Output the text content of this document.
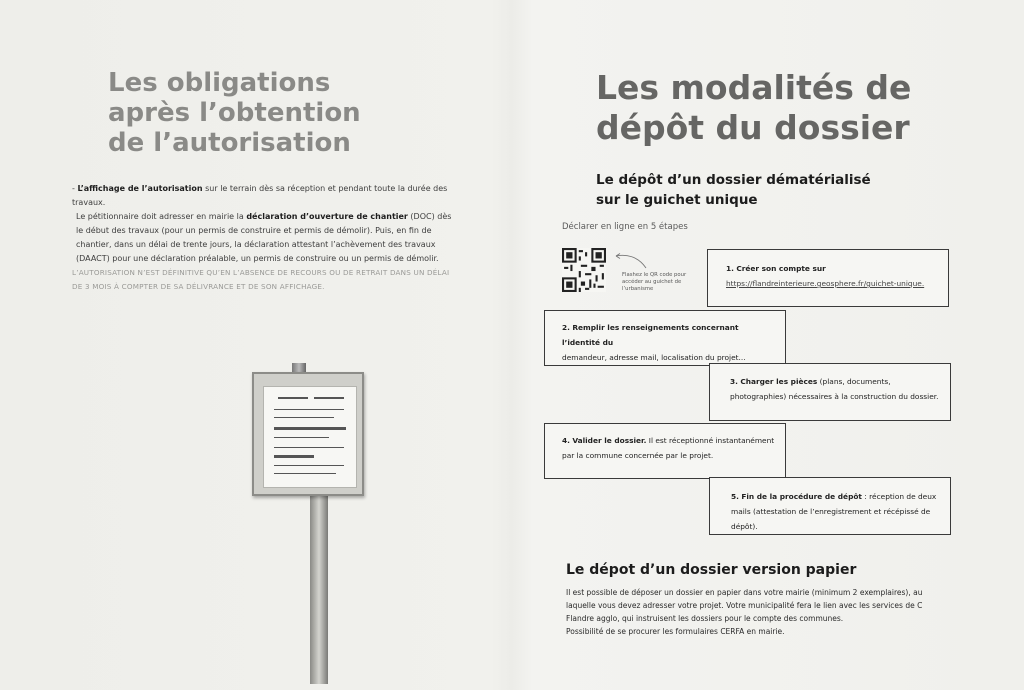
Les obligations
après l’obtention
de l’autorisation

- L’affichage de l’autorisation sur le terrain dès sa réception et pendant toute la durée des travaux.

Le pétitionnaire doit adresser en mairie la déclaration d’ouverture de chantier (DOC) dès le début des travaux (pour un permis de construire et permis de démolir). Puis, en fin de chantier, dans un délai de trente jours, la déclaration attestant l’achèvement des travaux (DAACT) pour une déclaration préalable, un permis de construire ou un permis de démolir.

L’AUTORISATION N’EST DÉFINITIVE QU’EN L’ABSENCE DE RECOURS OU DE RETRAIT DANS UN DÉLAI DE 3 MOIS À COMPTER DE SA DÉLIVRANCE ET DE SON AFFICHAGE.
Les modalités de
dépôt du dossier
Le dépôt d’un dossier dématérialisé
sur le guichet unique
Déclarer en ligne en 5 étapes
Flashez le QR code pour accéder au guichet de l’urbanisme
1. Créer son compte sur
https://flandreinterieure.geosphere.fr/guichet-unique.
2. Remplir les renseignements concernant l’identité du
demandeur, adresse mail, localisation du projet...
3. Charger les pièces (plans, documents, photographies) nécessaires à la construction du dossier.
4. Valider le dossier. Il est réceptionné instantanément par la commune concernée par le projet.
5. Fin de la procédure de dépôt : réception de deux mails (attestation de l’enregistrement et récépissé de dépôt).
Le dépot d’un dossier version papier
Il est possible de déposer un dossier en papier dans votre mairie (minimum 2 exemplaires), au
laquelle vous devez adresser votre projet. Votre municipalité fera le lien avec les services de C
Flandre agglo, qui instruisent les dossiers pour le compte des communes.
Possibilité de se procurer les formulaires CERFA en mairie.
